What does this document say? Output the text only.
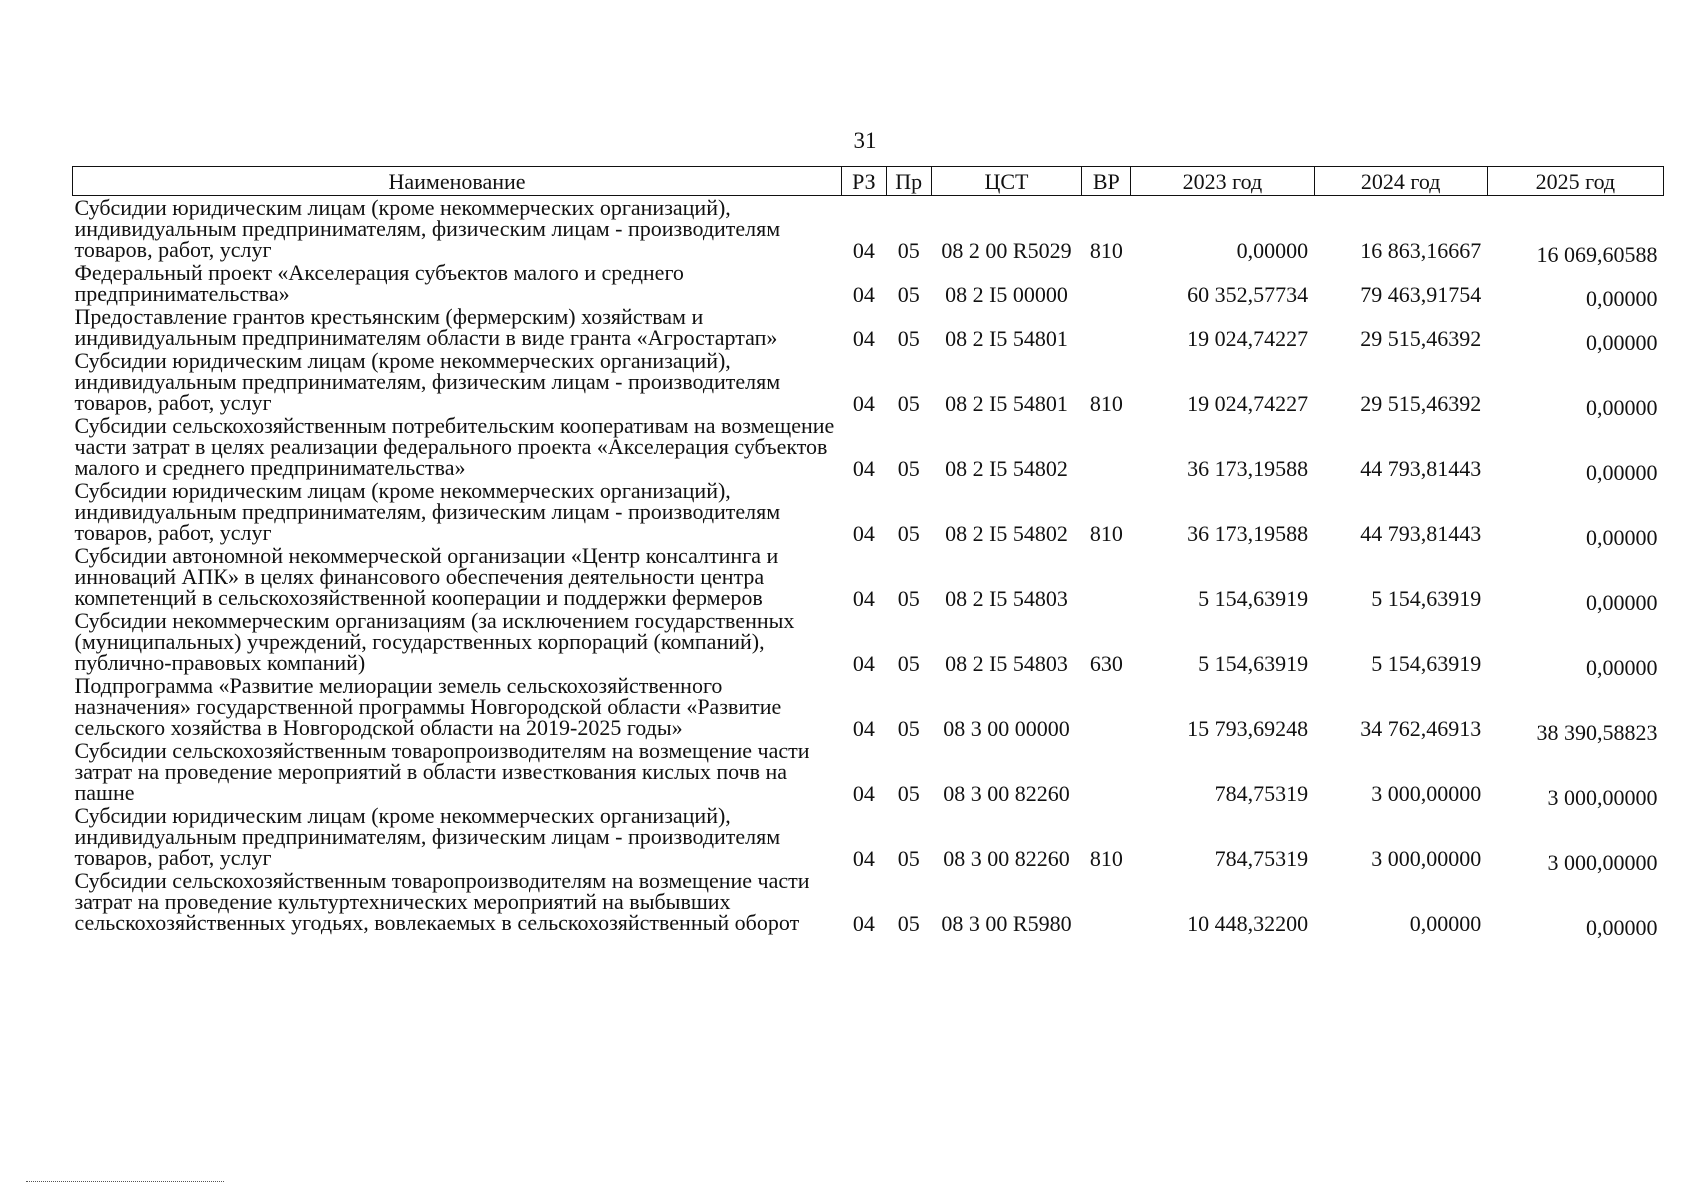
31
Наименование	РЗ	Пр	ЦСТ	ВР	2023 год	2024 год	2025 год
Субсидии юридическим лицам (кроме некоммерческих организаций), индивидуальным предпринимателям, физическим лицам - производителям товаров, работ, услуг	04	05	08 2 00 R5029	810	0,00000	16 863,16667	16 069,60588
Федеральный проект «Акселерация субъектов малого и среднего предпринимательства»	04	05	08 2 I5 00000		60 352,57734	79 463,91754	0,00000
Предоставление грантов крестьянским (фермерским) хозяйствам и индивидуальным предпринимателям области в виде гранта «Агростартап»	04	05	08 2 I5 54801		19 024,74227	29 515,46392	0,00000
Субсидии юридическим лицам (кроме некоммерческих организаций), индивидуальным предпринимателям, физическим лицам - производителям товаров, работ, услуг	04	05	08 2 I5 54801	810	19 024,74227	29 515,46392	0,00000
Субсидии сельскохозяйственным потребительским кооперативам на возмещение части затрат в целях реализации федерального проекта «Акселерация субъектов малого и среднего предпринимательства»	04	05	08 2 I5 54802		36 173,19588	44 793,81443	0,00000
Субсидии юридическим лицам (кроме некоммерческих организаций), индивидуальным предпринимателям, физическим лицам - производителям товаров, работ, услуг	04	05	08 2 I5 54802	810	36 173,19588	44 793,81443	0,00000
Субсидии автономной некоммерческой организации «Центр консалтинга и инноваций АПК» в целях финансового обеспечения деятельности центра компетенций в сельскохозяйственной кооперации и поддержки фермеров	04	05	08 2 I5 54803		5 154,63919	5 154,63919	0,00000
Субсидии некоммерческим организациям (за исключением государственных (муниципальных) учреждений, государственных корпораций (компаний), публично-правовых компаний)	04	05	08 2 I5 54803	630	5 154,63919	5 154,63919	0,00000
Подпрограмма «Развитие мелиорации земель сельскохозяйственного назначения» государственной программы Новгородской области «Развитие сельского хозяйства в Новгородской области на 2019-2025 годы»	04	05	08 3 00 00000		15 793,69248	34 762,46913	38 390,58823
Субсидии сельскохозяйственным товаропроизводителям на возмещение части затрат на проведение мероприятий в области известкования кислых почв на пашне	04	05	08 3 00 82260		784,75319	3 000,00000	3 000,00000
Субсидии юридическим лицам (кроме некоммерческих организаций), индивидуальным предпринимателям, физическим лицам - производителям товаров, работ, услуг	04	05	08 3 00 82260	810	784,75319	3 000,00000	3 000,00000
Субсидии сельскохозяйственным товаропроизводителям на возмещение части затрат на проведение культуртехнических мероприятий на выбывших сельскохозяйственных угодьях, вовлекаемых в сельскохозяйственный оборот	04	05	08 3 00 R5980		10 448,32200	0,00000	0,00000
